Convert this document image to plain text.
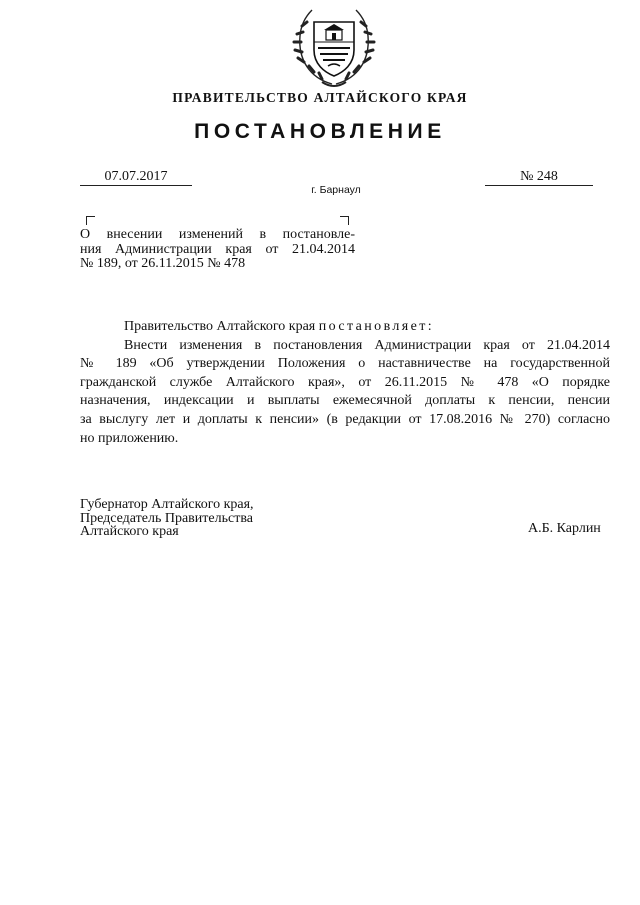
ПРАВИТЕЛЬСТВО АЛТАЙСКОГО КРАЯ
ПОСТАНОВЛЕНИЕ
07.07.2017	№ 248
г. Барнаул
О внесении изменений в постановле-
ния Администрации края от 21.04.2014
№ 189, от 26.11.2015 № 478
Правительство Алтайского края постановляет:
Внести изменения в постановления Администрации края от 21.04.2014
№ 189 «Об утверждении Положения о наставничестве на государственной
гражданской службе Алтайского края», от 26.11.2015 № 478 «О порядке
назначения, индексации и выплаты ежемесячной доплаты к пенсии, пенсии
за выслугу лет и доплаты к пенсии» (в редакции от 17.08.2016 № 270) согласно
но приложению.
Губернатор Алтайского края,
Председатель Правительства
Алтайского края	А.Б. Карлин
